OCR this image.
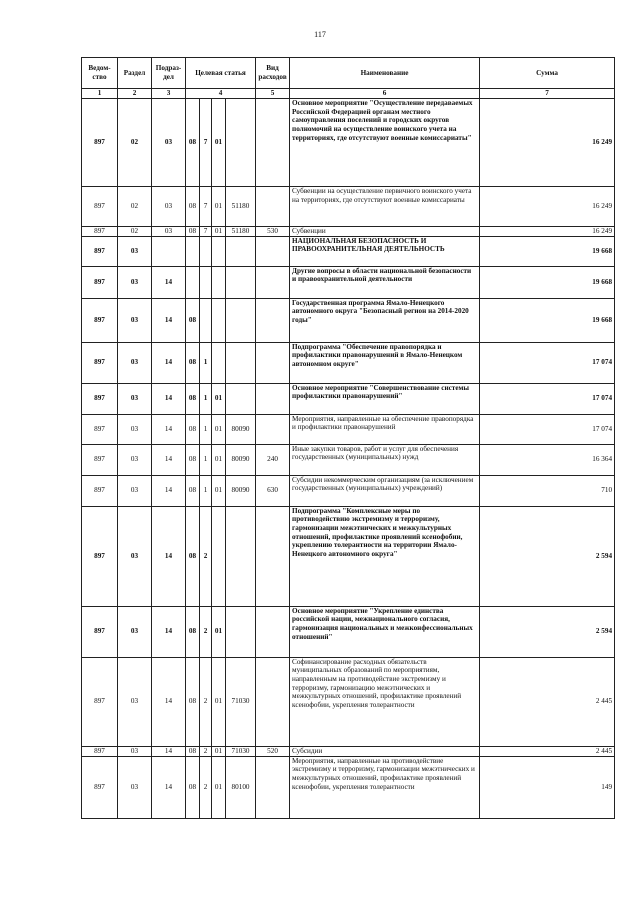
117
Ведом-ство	Раздел	Подраз-дел	Целевая статья				Вид расходов	Наименование	Сумма
1	2	3	4				5	6	7
897	02	03	08	7	01			Основное мероприятие "Осуществление передаваемых Российской Федерацией органам местного самоуправления поселений и городских округов полномочий на осуществление воинского учета на территориях, где отсутствуют военные комиссариаты"	16 249
897	02	03	08	7	01	51180		Субвенции на осуществление первичного воинского учета на территориях, где отсутствуют военные комиссариаты	16 249
897	02	03	08	7	01	51180	530	Субвенции	16 249
897	03							НАЦИОНАЛЬНАЯ БЕЗОПАСНОСТЬ И ПРАВООХРАНИТЕЛЬНАЯ ДЕЯТЕЛЬНОСТЬ	19 668
897	03	14						Другие вопросы в области национальной безопасности и правоохранительной деятельности	19 668
897	03	14	08					Государственная программа Ямало-Ненецкого автономного округа "Безопасный регион на 2014-2020 годы"	19 668
897	03	14	08	1				Подпрограмма "Обеспечение правопорядка и профилактики правонарушений в Ямало-Ненецком автономном округе"	17 074
897	03	14	08	1	01			Основное мероприятие "Совершенствование системы профилактики правонарушений"	17 074
897	03	14	08	1	01	80090		Мероприятия, направленные на обеспечение правопорядка и профилактики правонарушений	17 074
897	03	14	08	1	01	80090	240	Иные закупки товаров, работ и услуг для обеспечения государственных (муниципальных) нужд	16 364
897	03	14	08	1	01	80090	630	Субсидии некоммерческим организациям (за исключением государственных (муниципальных) учреждений)	710
897	03	14	08	2				Подпрограмма "Комплексные меры по противодействию экстремизму и терроризму, гармонизации межэтнических и межкультурных отношений, профилактике проявлений ксенофобии, укреплению толерантности на территории Ямало-Ненецкого автономного округа"	2 594
897	03	14	08	2	01			Основное мероприятие "Укрепление единства российской нации, межнационального согласия, гармонизация национальных и межконфессиональных отношений"	2 594
897	03	14	08	2	01	71030		Софинансирование расходных обязательств муниципальных образований по мероприятиям, направленным на противодействие экстремизму и терроризму, гармонизацию межэтнических и межкультурных отношений, профилактике проявлений ксенофобии, укрепления толерантности	2 445
897	03	14	08	2	01	71030	520	Субсидии	2 445
897	03	14	08	2	01	80100		Мероприятия, направленные на противодействие экстремизму и терроризму, гармонизации межэтнических и межкультурных отношений, профилактике проявлений ксенофобии, укрепления толерантности	149
